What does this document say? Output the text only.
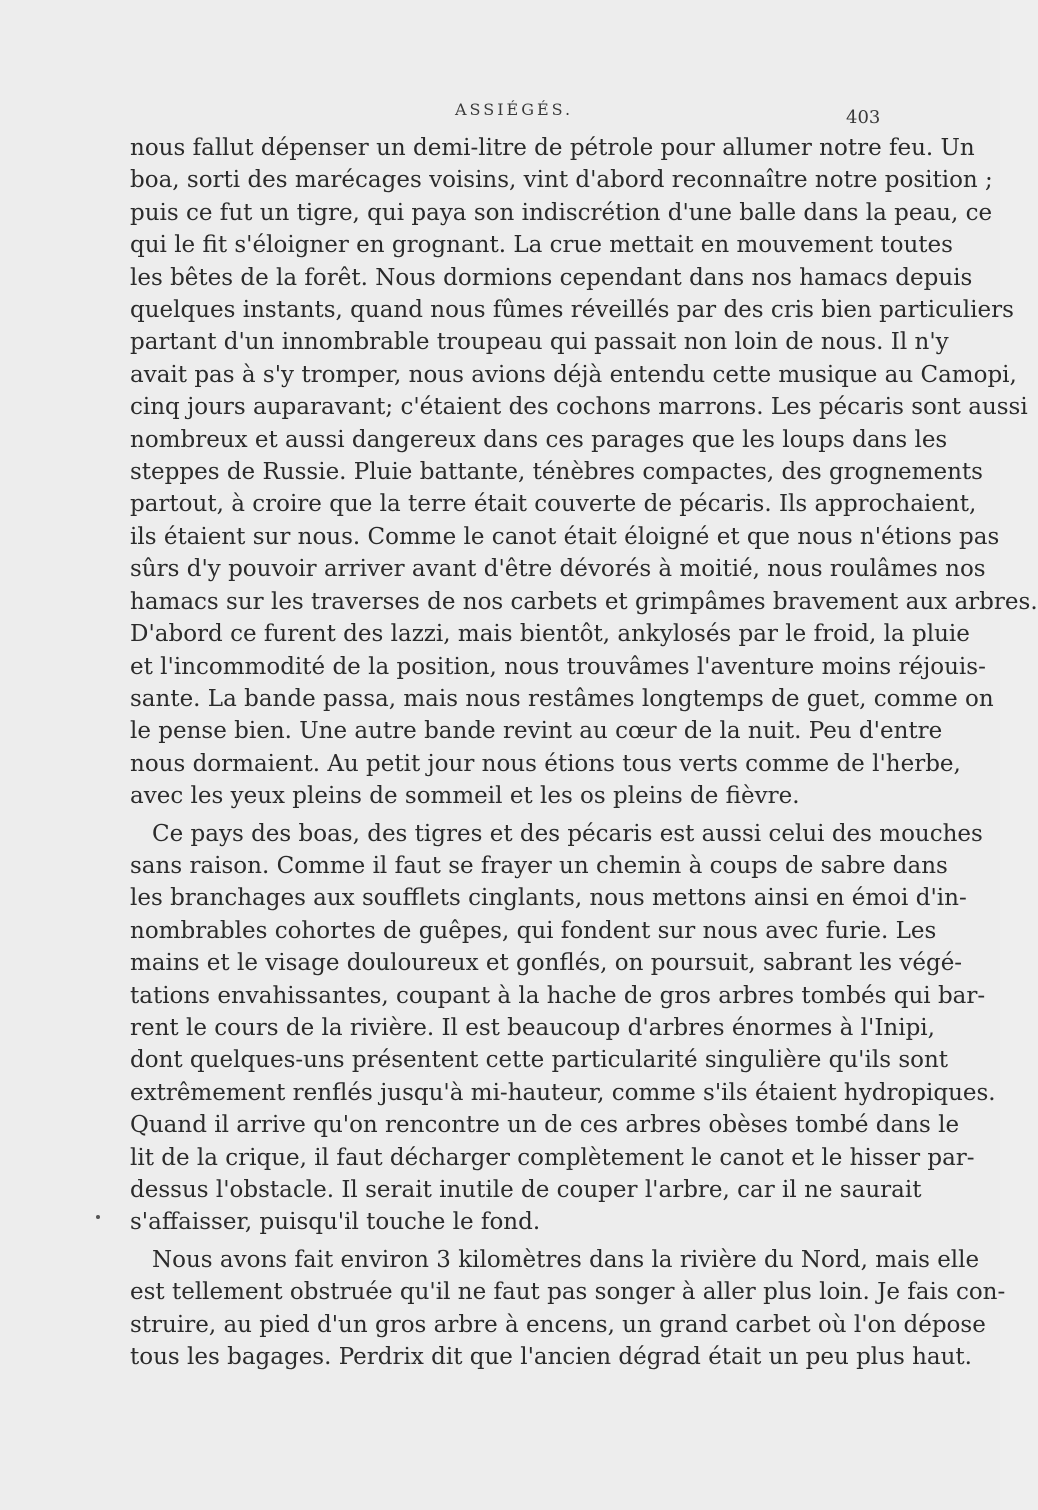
ASSIÉGÉS.	403
nous fallut dépenser un demi-litre de pétrole pour allumer notre feu. Un
boa, sorti des marécages voisins, vint d'abord reconnaître notre position ;
puis ce fut un tigre, qui paya son indiscrétion d'une balle dans la peau, ce
qui le fit s'éloigner en grognant. La crue mettait en mouvement toutes
les bêtes de la forêt. Nous dormions cependant dans nos hamacs depuis
quelques instants, quand nous fûmes réveillés par des cris bien particuliers
partant d'un innombrable troupeau qui passait non loin de nous. Il n'y
avait pas à s'y tromper, nous avions déjà entendu cette musique au Camopi,
cinq jours auparavant; c'étaient des cochons marrons. Les pécaris sont aussi
nombreux et aussi dangereux dans ces parages que les loups dans les
steppes de Russie. Pluie battante, ténèbres compactes, des grognements
partout, à croire que la terre était couverte de pécaris. Ils approchaient,
ils étaient sur nous. Comme le canot était éloigné et que nous n'étions pas
sûrs d'y pouvoir arriver avant d'être dévorés à moitié, nous roulâmes nos
hamacs sur les traverses de nos carbets et grimpâmes bravement aux arbres.
D'abord ce furent des lazzi, mais bientôt, ankylosés par le froid, la pluie
et l'incommodité de la position, nous trouvâmes l'aventure moins réjouis-
sante. La bande passa, mais nous restâmes longtemps de guet, comme on
le pense bien. Une autre bande revint au cœur de la nuit. Peu d'entre
nous dormaient. Au petit jour nous étions tous verts comme de l'herbe,
avec les yeux pleins de sommeil et les os pleins de fièvre.
Ce pays des boas, des tigres et des pécaris est aussi celui des mouches
sans raison. Comme il faut se frayer un chemin à coups de sabre dans
les branchages aux soufflets cinglants, nous mettons ainsi en émoi d'in-
nombrables cohortes de guêpes, qui fondent sur nous avec furie. Les
mains et le visage douloureux et gonflés, on poursuit, sabrant les végé-
tations envahissantes, coupant à la hache de gros arbres tombés qui bar-
rent le cours de la rivière. Il est beaucoup d'arbres énormes à l'Inipi,
dont quelques-uns présentent cette particularité singulière qu'ils sont
extrêmement renflés jusqu'à mi-hauteur, comme s'ils étaient hydropiques.
Quand il arrive qu'on rencontre un de ces arbres obèses tombé dans le
lit de la crique, il faut décharger complètement le canot et le hisser par-
dessus l'obstacle. Il serait inutile de couper l'arbre, car il ne saurait
s'affaisser, puisqu'il touche le fond.
Nous avons fait environ 3 kilomètres dans la rivière du Nord, mais elle
est tellement obstruée qu'il ne faut pas songer à aller plus loin. Je fais con-
struire, au pied d'un gros arbre à encens, un grand carbet où l'on dépose
tous les bagages. Perdrix dit que l'ancien dégrad était un peu plus haut.
